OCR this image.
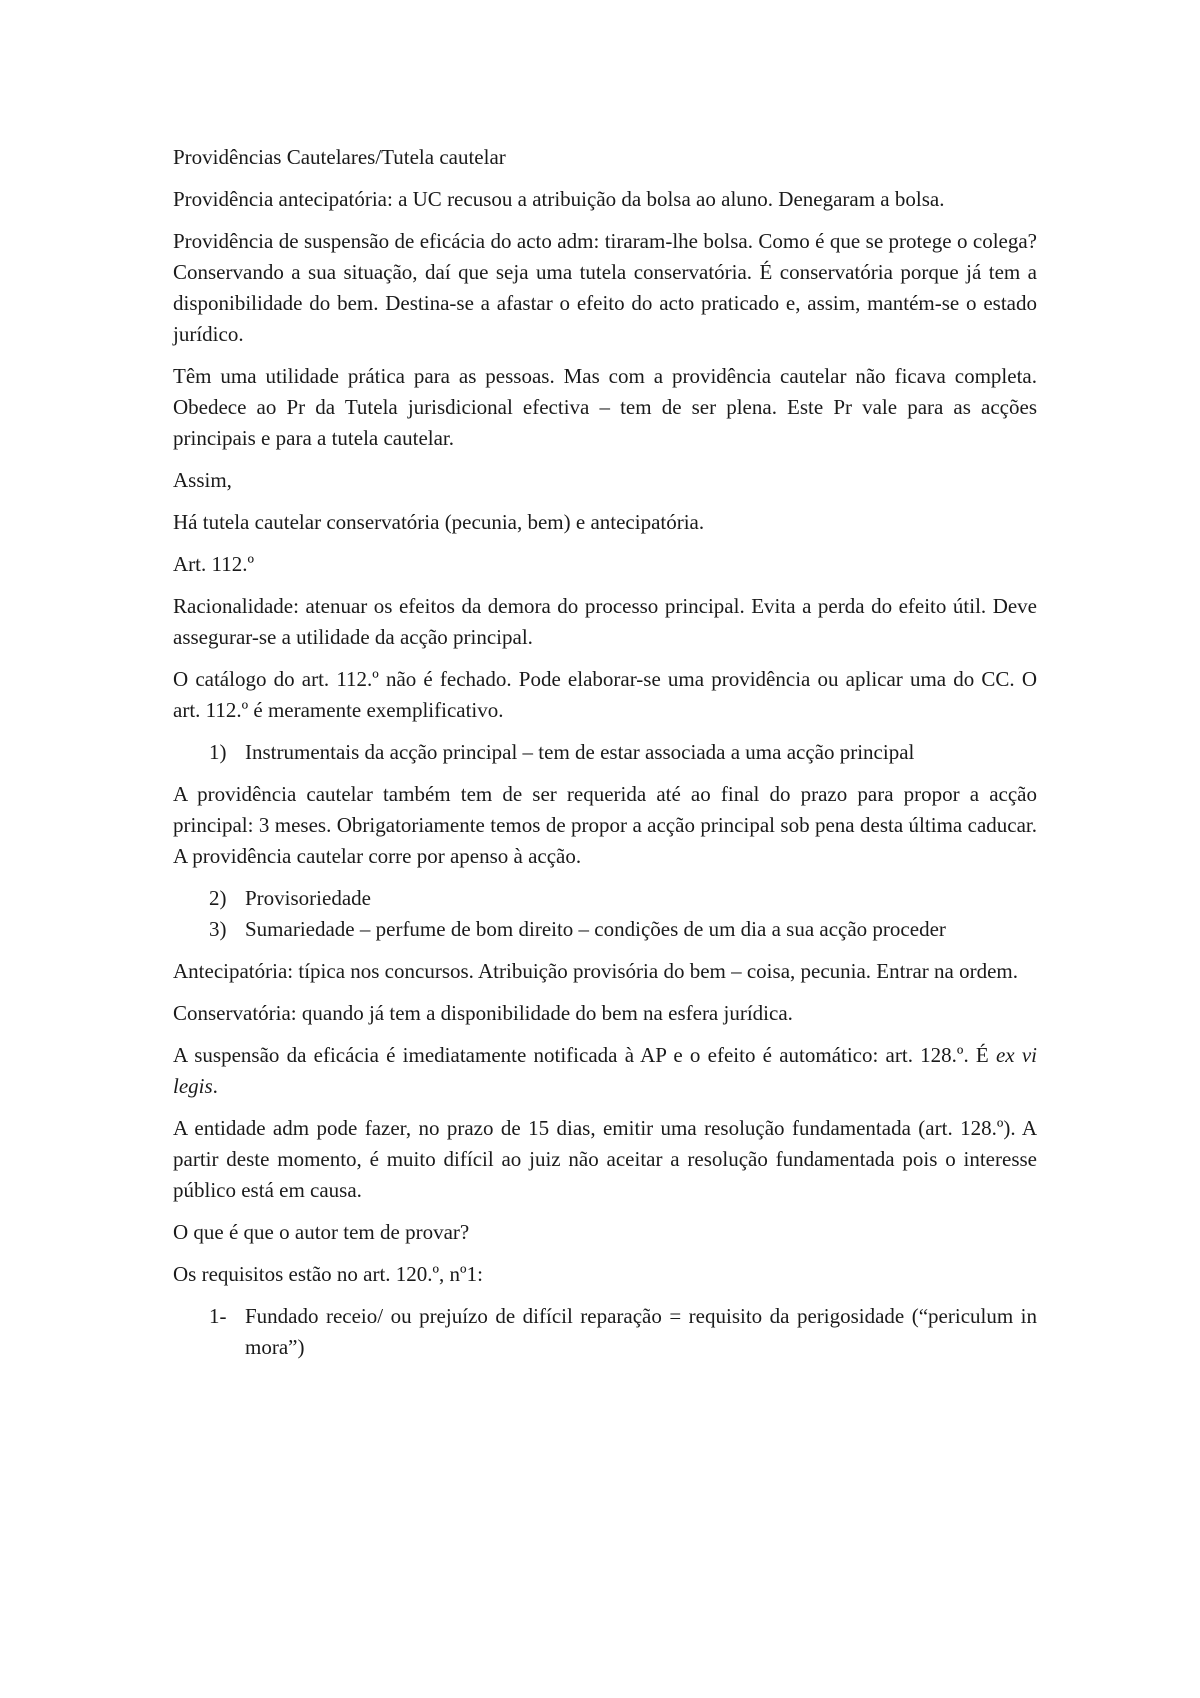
Providências Cautelares/Tutela cautelar

Providência antecipatória: a UC recusou a atribuição da bolsa ao aluno. Denegaram a bolsa.

Providência de suspensão de eficácia do acto adm: tiraram-lhe bolsa. Como é que se protege o colega? Conservando a sua situação, daí que seja uma tutela conservatória. É conservatória porque já tem a disponibilidade do bem. Destina-se a afastar o efeito do acto praticado e, assim, mantém-se o estado jurídico.

Têm uma utilidade prática para as pessoas. Mas com a providência cautelar não ficava completa. Obedece ao Pr da Tutela jurisdicional efectiva – tem de ser plena. Este Pr vale para as acções principais e para a tutela cautelar.

Assim,

Há tutela cautelar conservatória (pecunia, bem) e antecipatória.

Art. 112.º

Racionalidade: atenuar os efeitos da demora do processo principal. Evita a perda do efeito útil. Deve assegurar-se a utilidade da acção principal.

O catálogo do art. 112.º não é fechado. Pode elaborar-se uma providência ou aplicar uma do CC. O art. 112.º é meramente exemplificativo.

1) Instrumentais da acção principal – tem de estar associada a uma acção principal

A providência cautelar também tem de ser requerida até ao final do prazo para propor a acção principal: 3 meses. Obrigatoriamente temos de propor a acção principal sob pena desta última caducar. A providência cautelar corre por apenso à acção.

2) Provisoriedade
3) Sumariedade – perfume de bom direito – condições de um dia a sua acção proceder

Antecipatória: típica nos concursos. Atribuição provisória do bem – coisa, pecunia. Entrar na ordem.

Conservatória: quando já tem a disponibilidade do bem na esfera jurídica.

A suspensão da eficácia é imediatamente notificada à AP e o efeito é automático: art. 128.º. É ex vi legis.

A entidade adm pode fazer, no prazo de 15 dias, emitir uma resolução fundamentada (art. 128.º). A partir deste momento, é muito difícil ao juiz não aceitar a resolução fundamentada pois o interesse público está em causa.

O que é que o autor tem de provar?

Os requisitos estão no art. 120.º, nº1:

1- Fundado receio/ ou prejuízo de difícil reparação = requisito da perigosidade (“periculum in mora”)
